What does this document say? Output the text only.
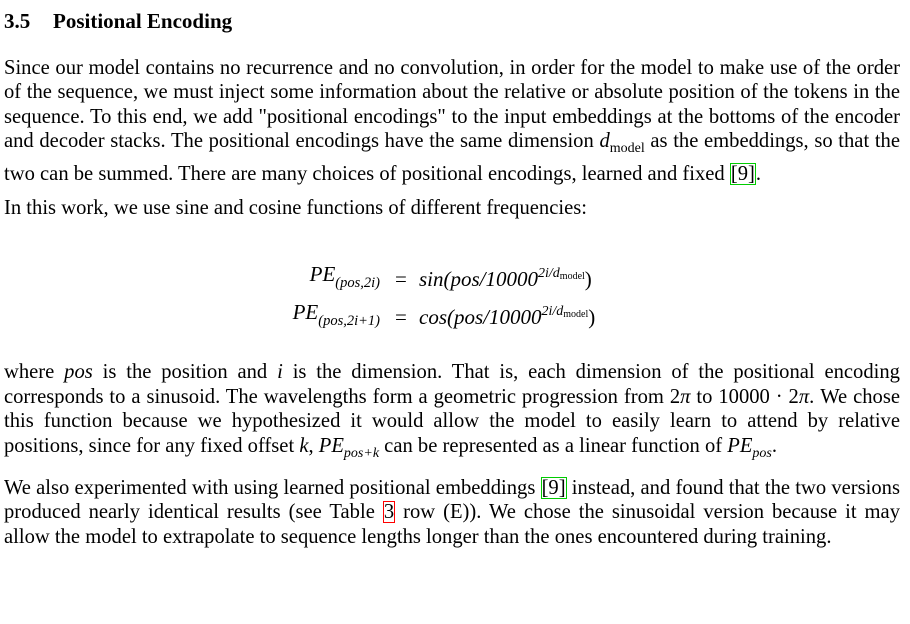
3.5 Positional Encoding

Since our model contains no recurrence and no convolution, in order for the model to make use of the order of the sequence, we must inject some information about the relative or absolute position of the tokens in the sequence. To this end, we add "positional encodings" to the input embeddings at the bottoms of the encoder and decoder stacks. The positional encodings have the same dimension $d_{model}$ as the embeddings, so that the two can be summed. There are many choices of positional encodings, learned and fixed [9].

In this work, we use sine and cosine functions of different frequencies:

$PE_{(pos,2i)} = \sin(pos/10000^{2i/dmodel})$
$PE_{(pos,2i+1)} = \cos(pos/10000^{2i/dmodel})$

where pos is the position and i is the dimension. That is, each dimension of the positional encoding corresponds to a sinusoid. The wavelengths form a geometric progression from 2π to 10000 · 2π. We chose this function because we hypothesized it would allow the model to easily learn to attend by relative positions, since for any fixed offset k, $PE_{pos+k}$ can be represented as a linear function of $PE_{pos}$.

We also experimented with using learned positional embeddings [9] instead, and found that the two versions produced nearly identical results (see Table 3 row (E)). We chose the sinusoidal version because it may allow the model to extrapolate to sequence lengths longer than the ones encountered during training.
